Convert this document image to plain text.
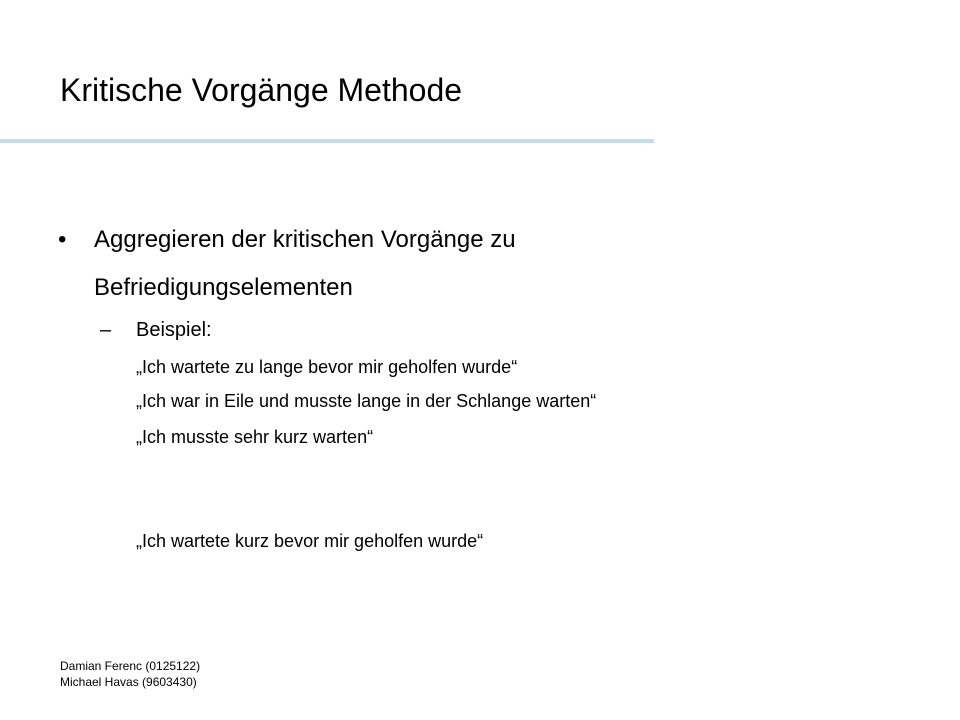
Kritische Vorgänge Methode
• Aggregieren der kritischen Vorgänge zu Befriedigungselementen
– Beispiel:
„Ich wartete zu lange bevor mir geholfen wurde“
„Ich war in Eile und musste lange in der Schlange warten“
„Ich musste sehr kurz warten“
„Ich wartete kurz bevor mir geholfen wurde“
Damian Ferenc (0125122)
Michael Havas (9603430)
